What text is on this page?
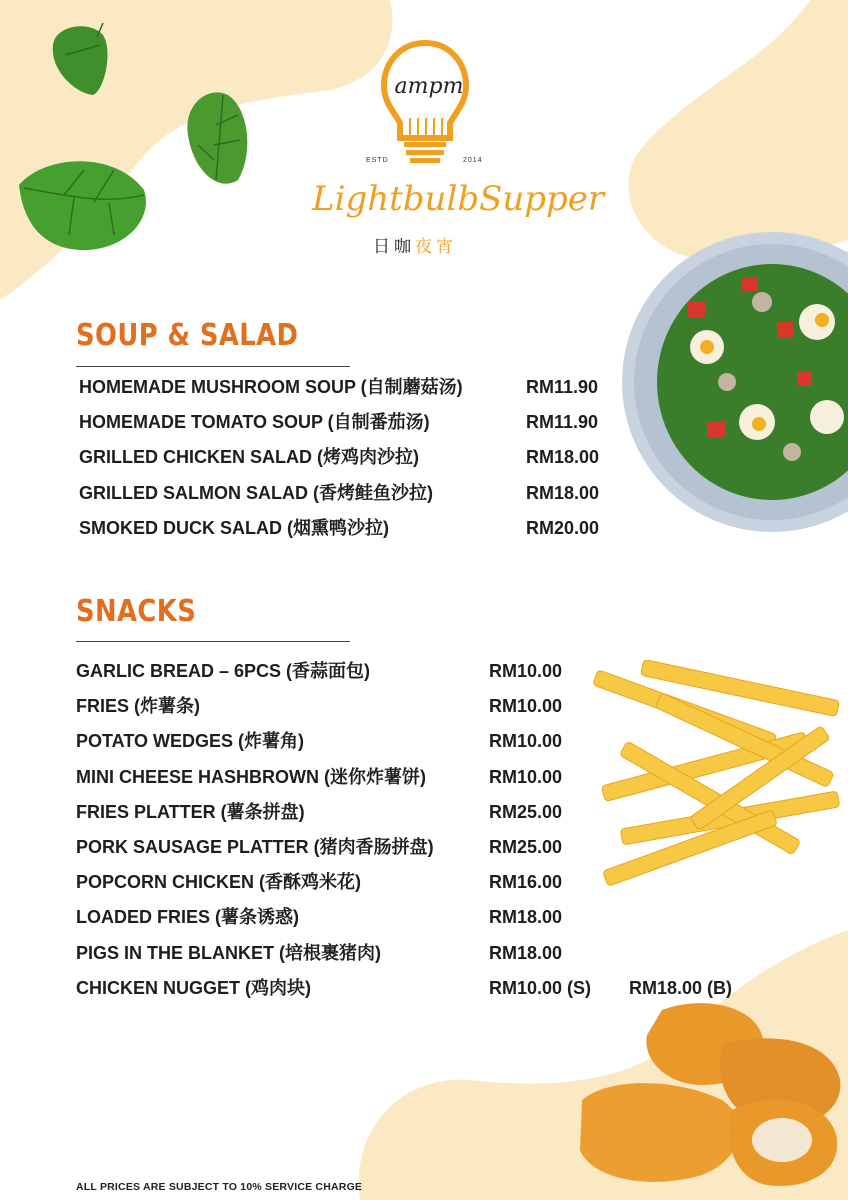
ampm
ESTD	2014
LightbulbSupper
日咖夜宵
SOUP & SALAD
HOMEMADE MUSHROOM SOUP (自制蘑菇汤)	RM11.90
HOMEMADE TOMATO SOUP (自制番茄汤)	RM11.90
GRILLED CHICKEN SALAD (烤鸡肉沙拉)	RM18.00
GRILLED SALMON SALAD (香烤鲑鱼沙拉)	RM18.00
SMOKED DUCK SALAD (烟熏鸭沙拉)	RM20.00
SNACKS
GARLIC BREAD – 6PCS (香蒜面包)	RM10.00
FRIES (炸薯条)	RM10.00
POTATO WEDGES (炸薯角)	RM10.00
MINI CHEESE HASHBROWN (迷你炸薯饼)	RM10.00
FRIES PLATTER (薯条拼盘)	RM25.00
PORK SAUSAGE PLATTER (猪肉香肠拼盘)	RM25.00
POPCORN CHICKEN (香酥鸡米花)	RM16.00
LOADED FRIES (薯条诱惑)	RM18.00
PIGS IN THE BLANKET (培根裹猪肉)	RM18.00
CHICKEN NUGGET (鸡肉块)	RM10.00 (S) RM18.00 (B)
ALL PRICES ARE SUBJECT TO 10% SERVICE CHARGE
